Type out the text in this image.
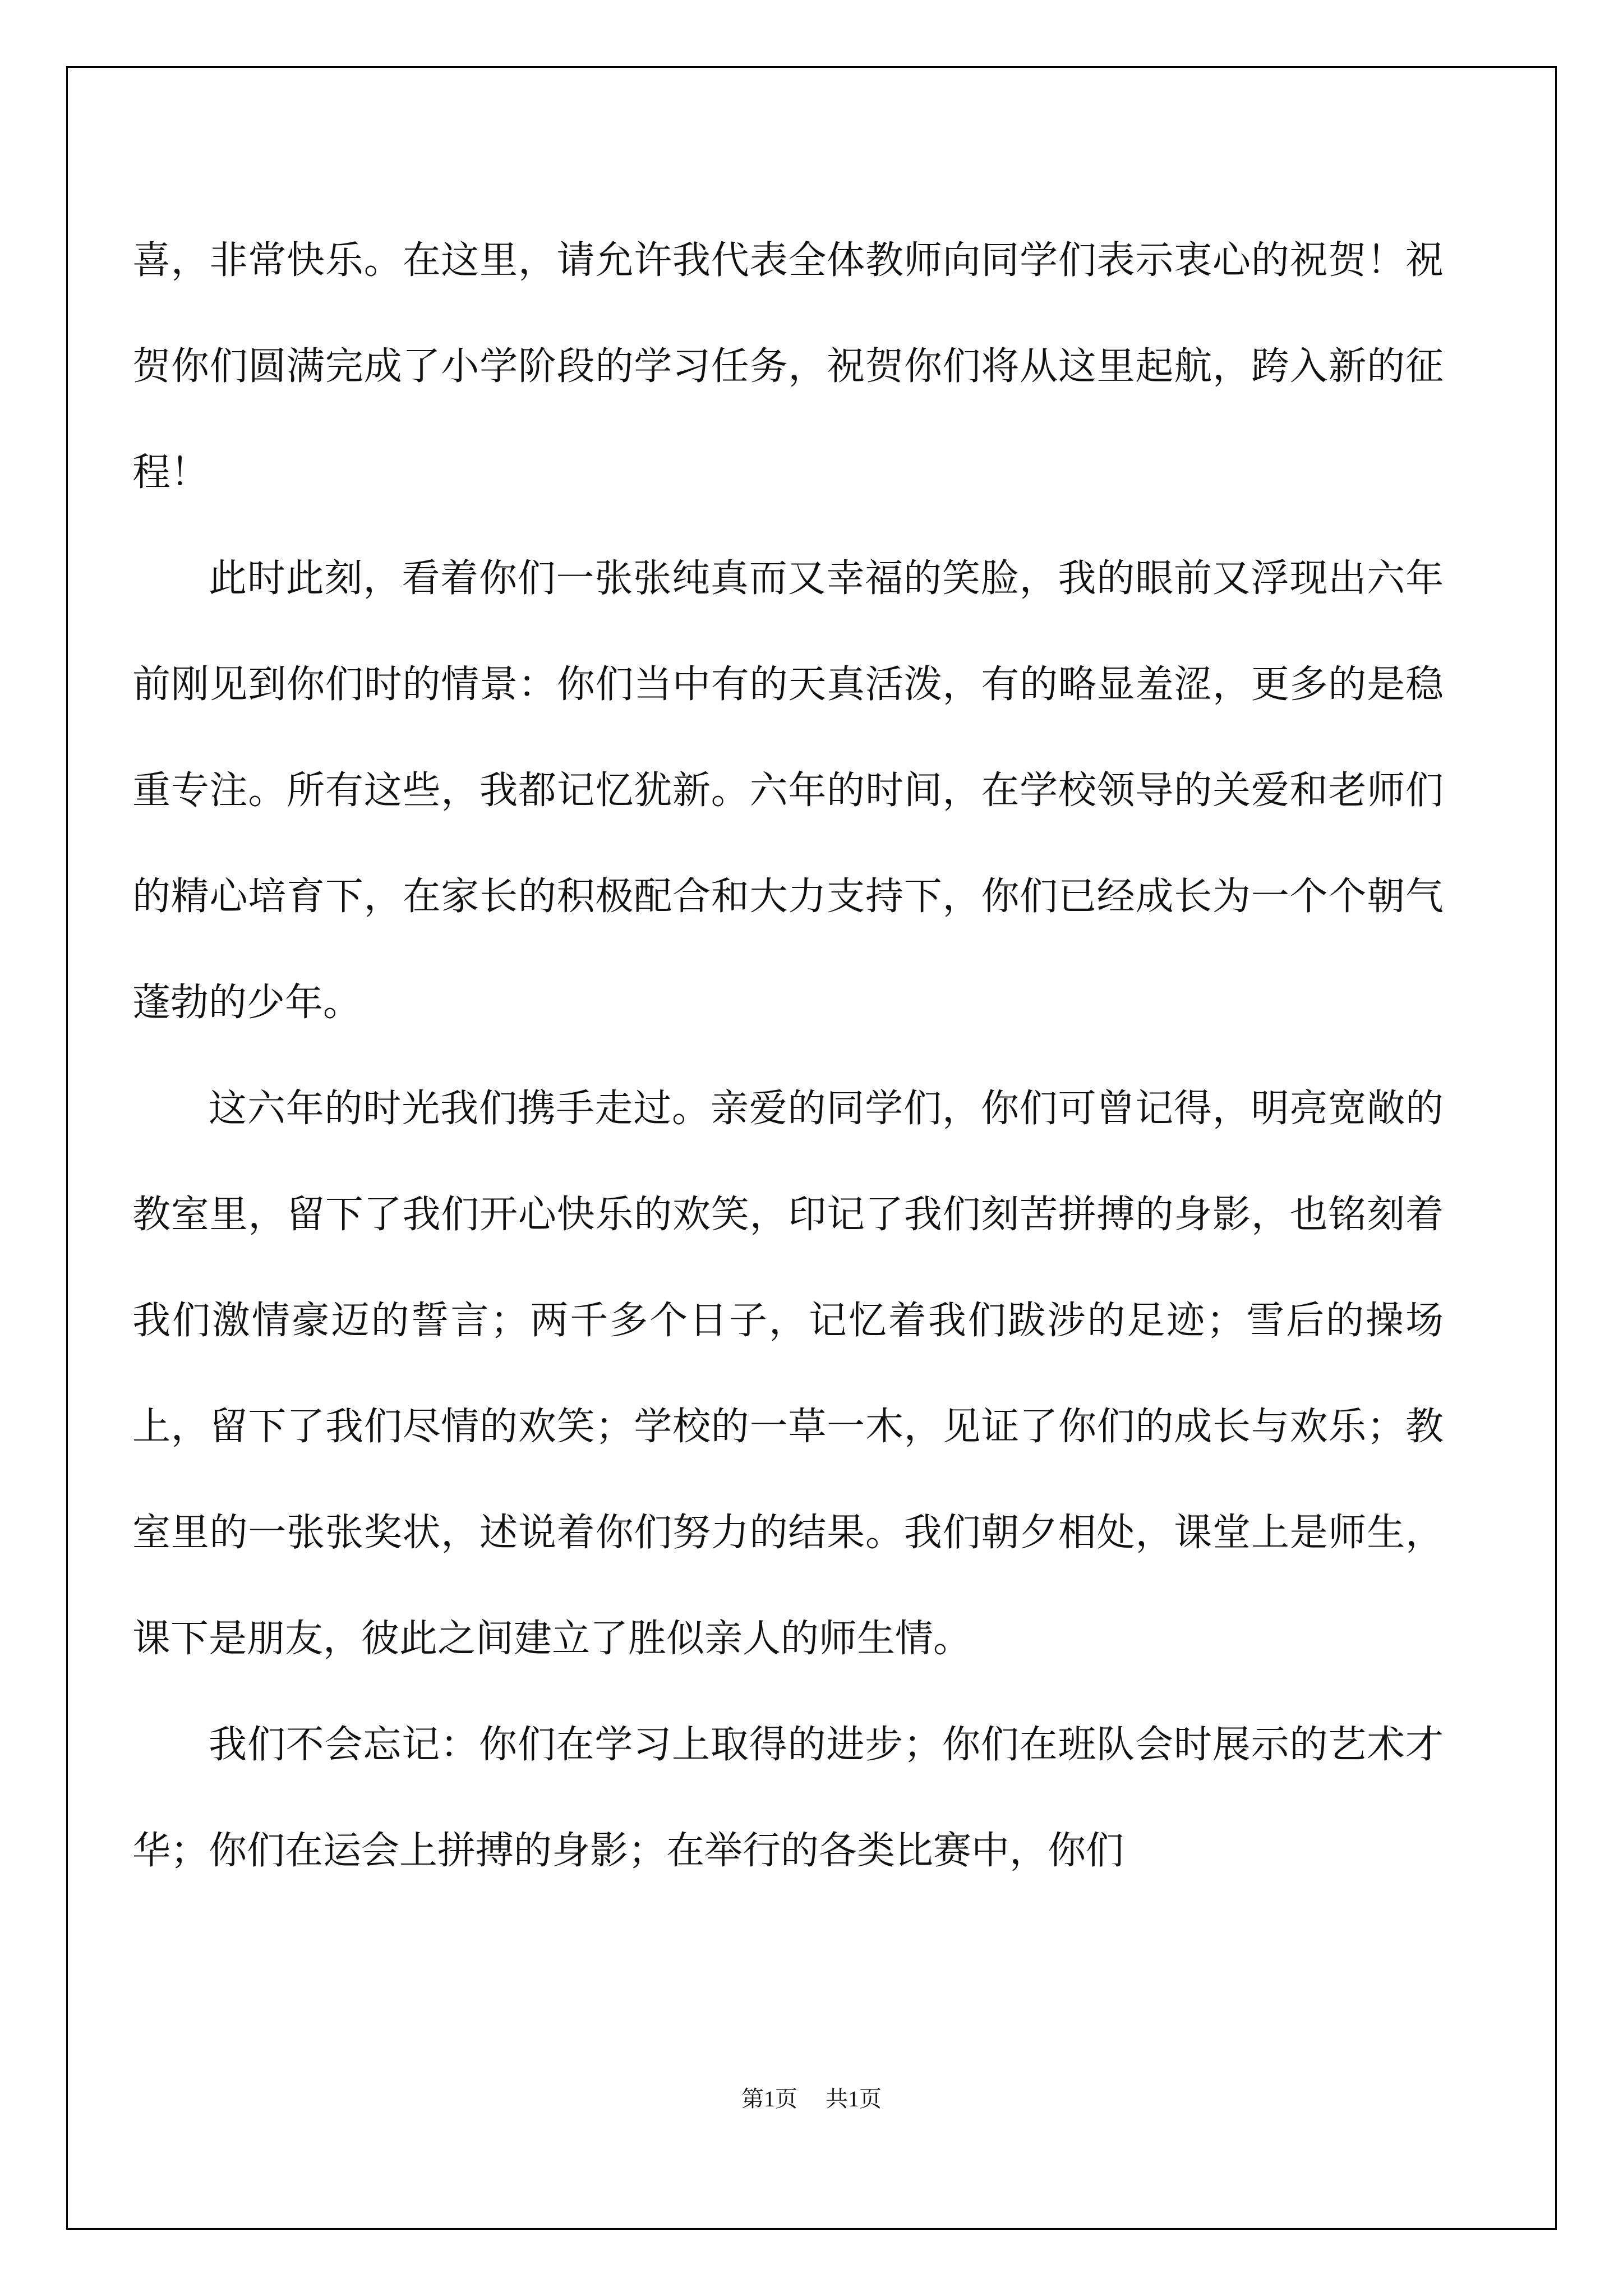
喜，非常快乐。在这里，请允许我代表全体教师向同学们表示衷心的祝贺！祝贺你们圆满完成了小学阶段的学习任务，祝贺你们将从这里起航，跨入新的征程！

此时此刻，看着你们一张张纯真而又幸福的笑脸，我的眼前又浮现出六年前刚见到你们时的情景：你们当中有的天真活泼，有的略显羞涩，更多的是稳重专注。所有这些，我都记忆犹新。六年的时间，在学校领导的关爱和老师们的精心培育下，在家长的积极配合和大力支持下，你们已经成长为一个个朝气蓬勃的少年。

这六年的时光我们携手走过。亲爱的同学们，你们可曾记得，明亮宽敞的教室里，留下了我们开心快乐的欢笑，印记了我们刻苦拼搏的身影，也铭刻着我们激情豪迈的誓言；两千多个日子，记忆着我们跋涉的足迹；雪后的操场上，留下了我们尽情的欢笑；学校的一草一木，见证了你们的成长与欢乐；教室里的一张张奖状，述说着你们努力的结果。我们朝夕相处，课堂上是师生，课下是朋友，彼此之间建立了胜似亲人的师生情。

我们不会忘记：你们在学习上取得的进步；你们在班队会时展示的艺术才华；你们在运会上拼搏的身影；在举行的各类比赛中，你们

第1页 共1页
